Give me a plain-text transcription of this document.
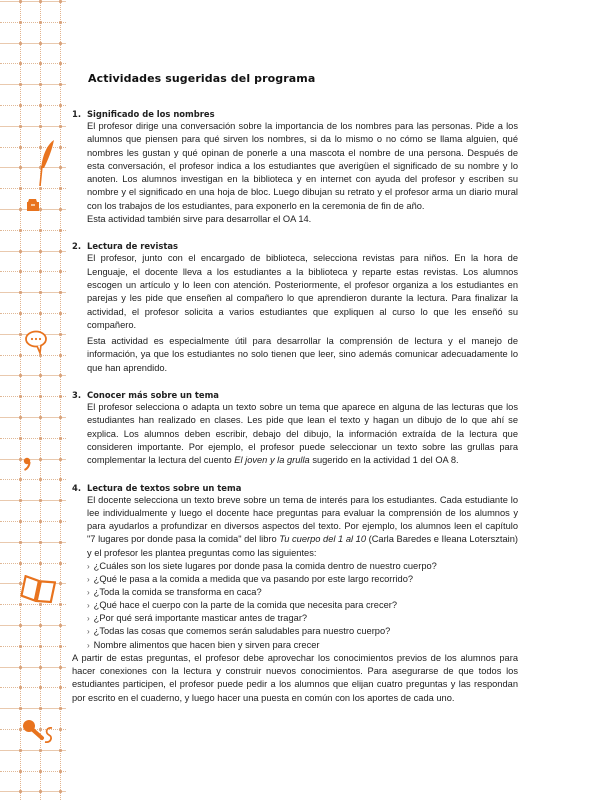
Actividades sugeridas del programa
1. Significado de los nombres

El profesor dirige una conversación sobre la importancia de los nombres para las personas. Pide a los alumnos que piensen para qué sirven los nombres, si da lo mismo o no cómo se llama alguien, qué nombres les gustan y qué opinan de ponerle a una mascota el nombre de una persona. Después de esta conversación, el profesor indica a los estudiantes que averigüen el significado de su nombre y lo anoten. Los alumnos investigan en la biblioteca y en internet con ayuda del profesor y escriben su nombre y el significado en una hoja de bloc. Luego dibujan su retrato y el profesor arma un diario mural con los trabajos de los estudiantes, para exponerlo en la ceremonia de fin de año.

Esta actividad también sirve para desarrollar el OA 14.

2. Lectura de revistas

El profesor, junto con el encargado de biblioteca, selecciona revistas para niños. En la hora de Lenguaje, el docente lleva a los estudiantes a la biblioteca y reparte estas revistas. Los alumnos escogen un artículo y lo leen con atención. Posteriormente, el profesor organiza a los estudiantes en parejas y les pide que enseñen al compañero lo que aprendieron durante la lectura. Para finalizar la actividad, el profesor solicita a varios estudiantes que expliquen al curso lo que les enseñó su compañero.

Esta actividad es especialmente útil para desarrollar la comprensión de lectura y el manejo de información, ya que los estudiantes no solo tienen que leer, sino además comunicar adecuadamente lo que han aprendido.

3. Conocer más sobre un tema

El profesor selecciona o adapta un texto sobre un tema que aparece en alguna de las lecturas que los estudiantes han realizado en clases. Les pide que lean el texto y hagan un dibujo de lo que ahí se explica. Los alumnos deben escribir, debajo del dibujo, la información extraída de la lectura que consideren importante. Por ejemplo, el profesor puede seleccionar un texto sobre las grullas para complementar la lectura del cuento El joven y la grulla sugerido en la actividad 1 del OA 8.

4. Lectura de textos sobre un tema

El docente selecciona un texto breve sobre un tema de interés para los estudiantes. Cada estudiante lo lee individualmente y luego el docente hace preguntas para evaluar la comprensión de los alumnos y para ayudarlos a profundizar en diversos aspectos del texto. Por ejemplo, los alumnos leen el capítulo "7 lugares por donde pasa la comida" del libro Tu cuerpo del 1 al 10 (Carla Baredes e Ileana Lotersztain) y el profesor les plantea preguntas como las siguientes:

› ¿Cuáles son los siete lugares por donde pasa la comida dentro de nuestro cuerpo?
› ¿Qué le pasa a la comida a medida que va pasando por este largo recorrido?
› ¿Toda la comida se transforma en caca?
› ¿Qué hace el cuerpo con la parte de la comida que necesita para crecer?
› ¿Por qué será importante masticar antes de tragar?
› ¿Todas las cosas que comemos serán saludables para nuestro cuerpo?
› Nombre alimentos que hacen bien y sirven para crecer

A partir de estas preguntas, el profesor debe aprovechar los conocimientos previos de los alumnos para hacer conexiones con la lectura y construir nuevos conocimientos. Para asegurarse de que todos los estudiantes participen, el profesor puede pedir a los alumnos que elijan cuatro preguntas y las respondan por escrito en el cuaderno, y luego hacer una puesta en común con los aportes de cada uno.
